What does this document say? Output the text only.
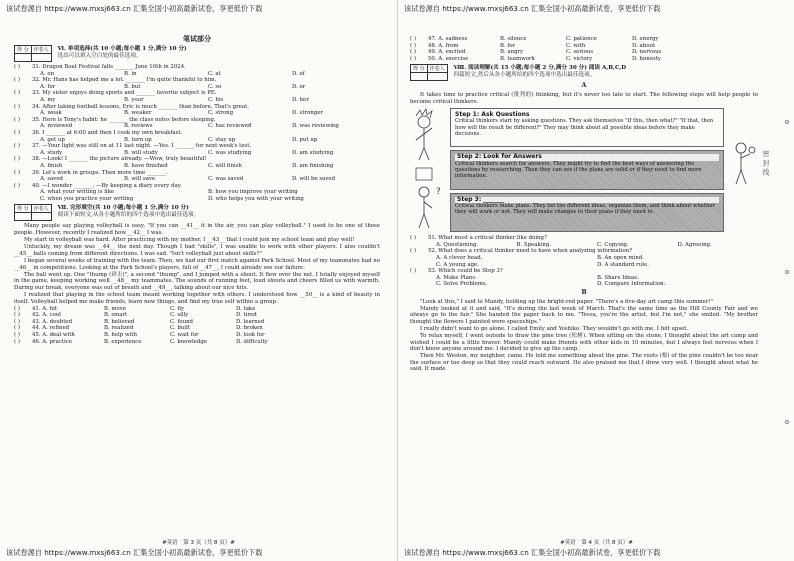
该试卷源自 https://www.mxsj663.cn 汇集全国小初高最新试卷，享更低价下载
笔试部分
得 分	评卷人
	Ⅵ. 单项选择(共 10 小题;每小题 1 分,满分 10 分)
选出可以填入空白处的最佳选项。
( ) 31. Dragon Boat Festival falls _______ June 10th in 2024.
A. on	B. in	C. at	D. of
( ) 32. Mr. Hans has helped me a lot. _______ I'm quite thankful to him.
A. for	B. but	C. so	D. or
( ) 33. My sister enjoys doing sports and _______ favorite subject is PE.
A. my	B. your	C. his	D. her
( ) 34. After taking football lessons, Eric is much _______ than before. That's great.
A. weak	B. weaker	C. strong	D. stronger
( ) 35. Here is Tony's habit: he _______ the class notes before sleeping.
A. reviewed	B. reviews	C. has reviewed	D. was reviewing
( ) 36. I _______ at 6:00 and then I cook my own breakfast.
A. get up	B. turn up	C. stay up	D. put up
( ) 37. —Your light was still on at 11 last night. —Yes. I _______ for next week's test.
A. study	B. will study	C. was studying	D. am studying
( ) 38. —Look! I _______ the picture already. —Wow, truly beautiful!
A. finish	B. have finished	C. will finish	D. am finishing
( ) 39. Let's work in groups. Then more time _______.
A. saved	B. will save	C. was saved	D. will be saved
( ) 40. —I wonder _______. —By keeping a diary every day.
A. what your writing is like	B. how you improve your writing
C. when you practice your writing	D. who helps you with your writing
得 分	评卷人
	Ⅶ. 完形填空(共 10 小题;每小题 1 分,满分 10 分)
阅读下面短文,从各小题所给的四个选项中选出最佳选项。
Many people say playing volleyball is easy. "If you can __41__ it in the air, you can play volleyball." I used to be one of those people. However, recently I realized how __42__ I was.
My start in volleyball was hard. After practicing with my mother, I __43__ that I could join my school team and play well!
Unluckily, my dream was __44__ the next day. Though I had "skills", I was unable to work with other players. I also couldn't __45__ balls coming from different directions. I was sad. "Isn't volleyball just about skills?"
I began several weeks of training with the team. Then, we had our first match against Park School. Most of my teammates had no __46__ in competitions. Looking at the Park School's players, full of __47__, I could already see our failure.
The ball went up. One "thump (砰击)", a second "thump", and I jumped with a shout. It flew over the net. I totally enjoyed myself in the game, keeping working well __48__ my teammates. The sounds of running feet, loud shouts and cheers filled us with warmth. During our break, everyone was out of breath and __49__, talking about our nice hits.
I realized that playing in the school team meant working together with others. I understood how __50__ is a kind of beauty in itself. Volleyball helped me make friends, learn new things, and find my true self within a group.
( )	41. A. hit	B. move	C. fly	D. take
( )	42. A. cool	B. smart	C. silly	D. tired
( )	43. A. doubted	B. believed	C. found	D. learned
( )	44. A. refined	B. realized	C. built	D. broken
( )	45. A. deal with	B. help with	C. wait for	D. look for
( )	46. A. practice	B. experience	C. knowledge	D. difficulty
#英语　第 3 页（共 8 页）#
该试卷源自 https://www.mxsj663.cn 汇集全国小初高最新试卷，享更低价下载
该试卷源自 https://www.mxsj663.cn 汇集全国小初高最新试卷，享更低价下载
( )	47. A. sadness	B. silence	C. patience	D. energy
( )	48. A. from	B. for	C. with	D. about
( )	49. A. excited	B. angry	C. serious	D. nervous
( )	50. A. exercise	B. teamwork	C. victory	D. honesty
得 分	评卷人
	Ⅷ. 阅读理解(共 15 小题;每小题 2 分,满分 30 分) 阅读 A,B,C,D
四篇短文,然后从各小题所给的四个选项中选出最佳选项。
A
It takes time to practice critical (批判的) thinking, but it's never too late to start. The following steps will help people to become critical thinkers.
?
Step 1: Ask Questions
Critical thinkers start by asking questions. They ask themselves "If this, then what?" "If that, then how will the result be different?" They may think about all possible ideas before they make decisions.
Step 2: Look for Answers
Critical thinkers search for answers. They might try to find the best ways of answering the questions by researching. Then they can see if the plans are solid or if they need to find more information.
Step 3: _______
Critical thinkers make plans. They list the different ideas, organize them, and think about whether they will work or not. They will make changes to their plans if they need to.
( ) 51. What must a critical thinker like doing?
A. Questioning.	B. Speaking.	C. Copying.	D. Agreeing.
( ) 52. What does a critical thinker need to have when analyzing information?
A. A clever head.	B. An open mind.
C. A young age.	D. A standard rule.
( ) 53. Which could be Step 3?
A. Make Plans.	B. Share Ideas.
C. Solve Problems.	D. Compare Information.
B
"Look at this," I said to Mandy, holding up the bright-red paper. "There's a five-day art camp this summer!"
Mandy looked at it and said, "It's during the last week of March. That's the same time as the Hill County Fair and we always go to the fair." She handed the paper back to me. "Tessa, you're the artist, but I'm not," she smiled. "My brother thought the flowers I painted were spaceships."
I really didn't want to go alone. I called Emily and Yoshiko. They wouldn't go with me. I felt upset.
To relax myself, I went outside to draw the pine tree (松树). When sitting on the stone, I thought about the art camp and wished I could be a little braver. Mandy could make friends with other kids in 10 minutes, but I always feel nervous when I don't know anyone around me. I decided to give up the camp.
Then Mr. Weston, my neighbor, came. He told me something about the pine. The roots (根) of the pine couldn't be too near the surface or too deep so that they could reach outward. He also praised me that I drew very well. I thought about what he said. It made
密 封 线
#英语　第 4 页（共 8 页）#
该试卷源自 https://www.mxsj663.cn 汇集全国小初高最新试卷，享更低价下载
